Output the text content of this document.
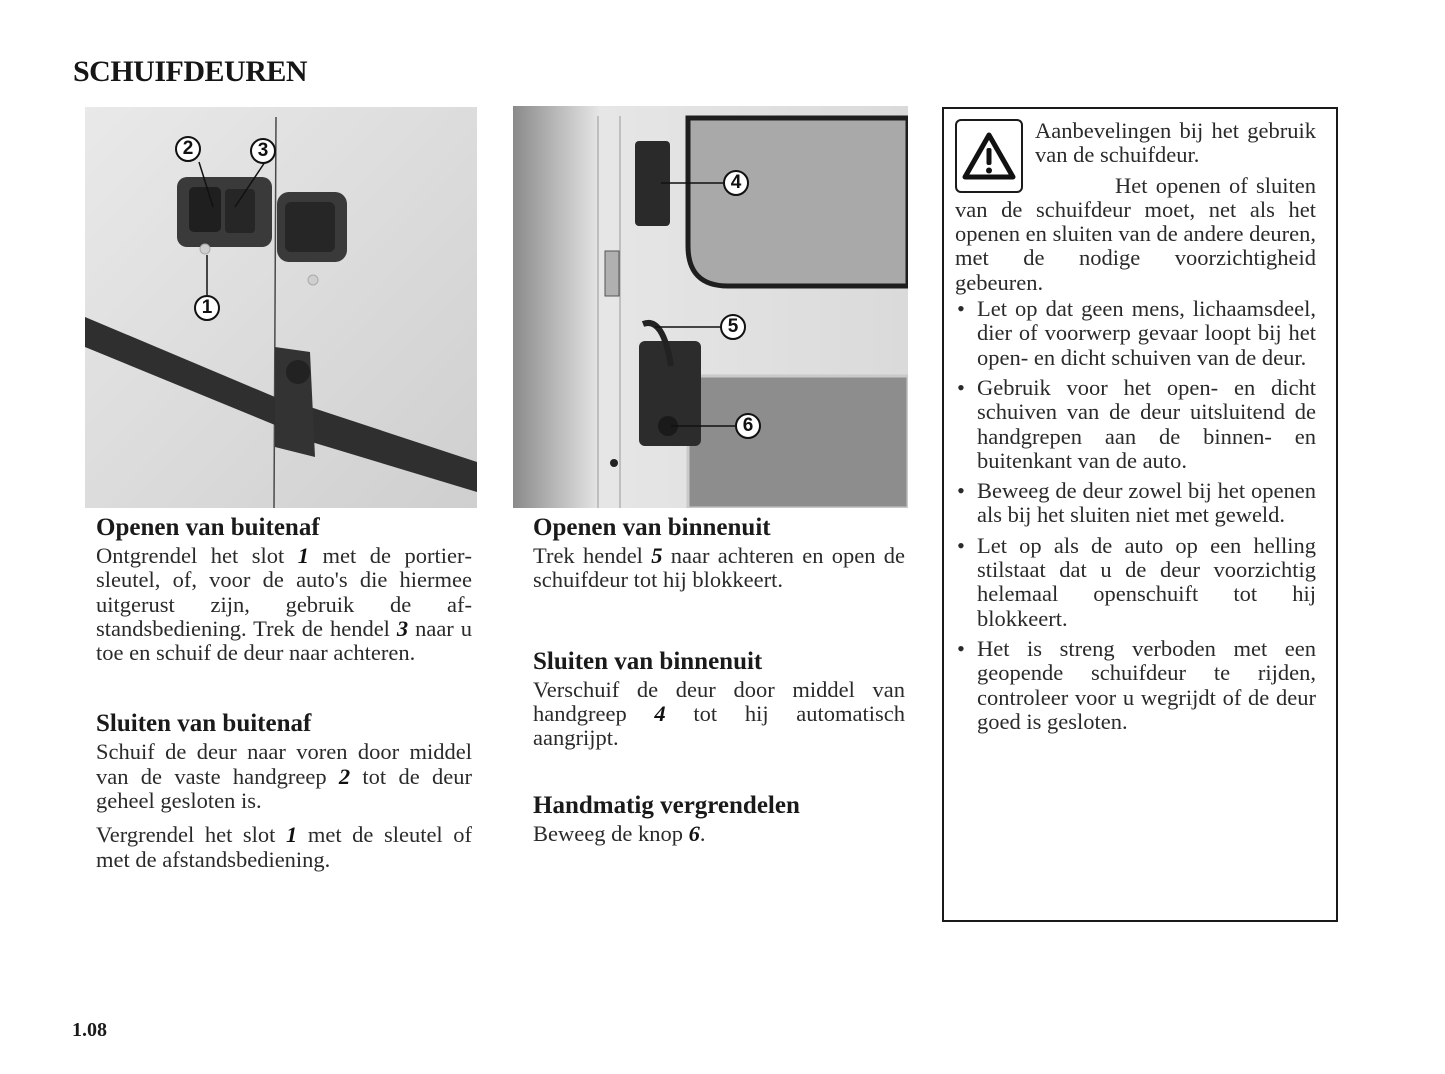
SCHUIFDEUREN
2	3
1
4
5
6
Openen van buitenaf

Ontgrendel het slot 1 met de portiersleutel, of, voor de auto's die hiermee uitgerust zijn, gebruik de afstandsbediening. Trek de hendel 3 naar u toe en schuif de deur naar achteren.

Sluiten van buitenaf

Schuif de deur naar voren door middel van de vaste handgreep 2 tot de deur geheel gesloten is.

Vergrendel het slot 1 met de sleutel of met de afstandsbediening.

Openen van binnenuit

Trek hendel 5 naar achteren en open de schuifdeur tot hij blokkeert.

Sluiten van binnenuit

Verschuif de deur door middel van handgreep 4 tot hij automatisch aangrijpt.

Handmatig vergrendelen

Beweeg de knop 6.

Aanbevelingen bij het gebruik van de schuifdeur.
Het openen of sluiten van de schuifdeur moet, net als het openen en sluiten van de andere deuren, met de nodige voorzichtigheid gebeuren.
• Let op dat geen mens, lichaamsdeel, dier of voorwerp gevaar loopt bij het open- en dicht schuiven van de deur.
• Gebruik voor het open- en dicht schuiven van de deur uitsluitend de handgrepen aan de binnen- en buitenkant van de auto.
• Beweeg de deur zowel bij het openen als bij het sluiten niet met geweld.
• Let op als de auto op een helling stilstaat dat u de deur voorzichtig helemaal openschuift tot hij blokkeert.
• Het is streng verboden met een geopende schuifdeur te rijden, controleer voor u wegrijdt of de deur goed is gesloten.
1.08
